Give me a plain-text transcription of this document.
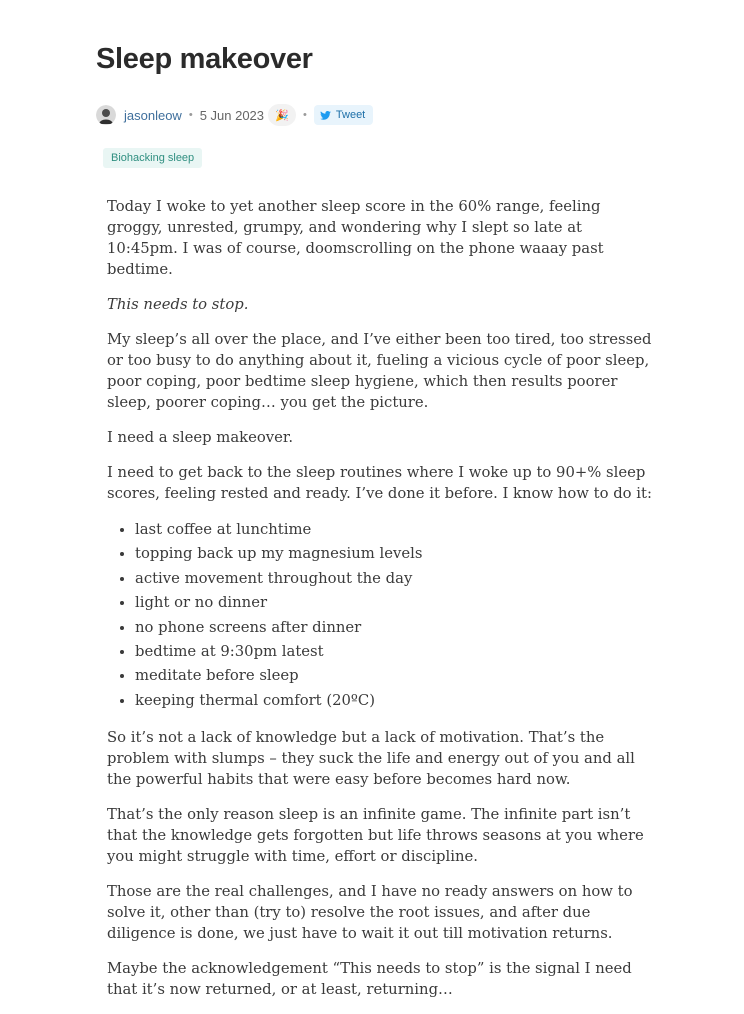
Sleep makeover
jasonleow • 5 Jun 2023 🎉 •	Tweet
Biohacking sleep

Today I woke to yet another sleep score in the 60% range, feeling groggy, unrested, grumpy, and wondering why I slept so late at 10:45pm. I was of course, doomscrolling on the phone waaay past bedtime.

This needs to stop.

My sleep’s all over the place, and I’ve either been too tired, too stressed or too busy to do anything about it, fueling a vicious cycle of poor sleep, poor coping, poor bedtime sleep hygiene, which then results poorer sleep, poorer coping… you get the picture.

I need a sleep makeover.

I need to get back to the sleep routines where I woke up to 90+% sleep scores, feeling rested and ready. I’ve done it before. I know how to do it:

• last coffee at lunchtime
• topping back up my magnesium levels
• active movement throughout the day
• light or no dinner
• no phone screens after dinner
• bedtime at 9:30pm latest
• meditate before sleep
• keeping thermal comfort (20ºC)

So it’s not a lack of knowledge but a lack of motivation. That’s the problem with slumps – they suck the life and energy out of you and all the powerful habits that were easy before becomes hard now.

That’s the only reason sleep is an infinite game. The infinite part isn’t that the knowledge gets forgotten but life throws seasons at you where you might struggle with time, effort or discipline.

Those are the real challenges, and I have no ready answers on how to solve it, other than (try to) resolve the root issues, and after due diligence is done, we just have to wait it out till motivation returns.

Maybe the acknowledgement “This needs to stop” is the signal I need that it’s now returned, or at least, returning…
